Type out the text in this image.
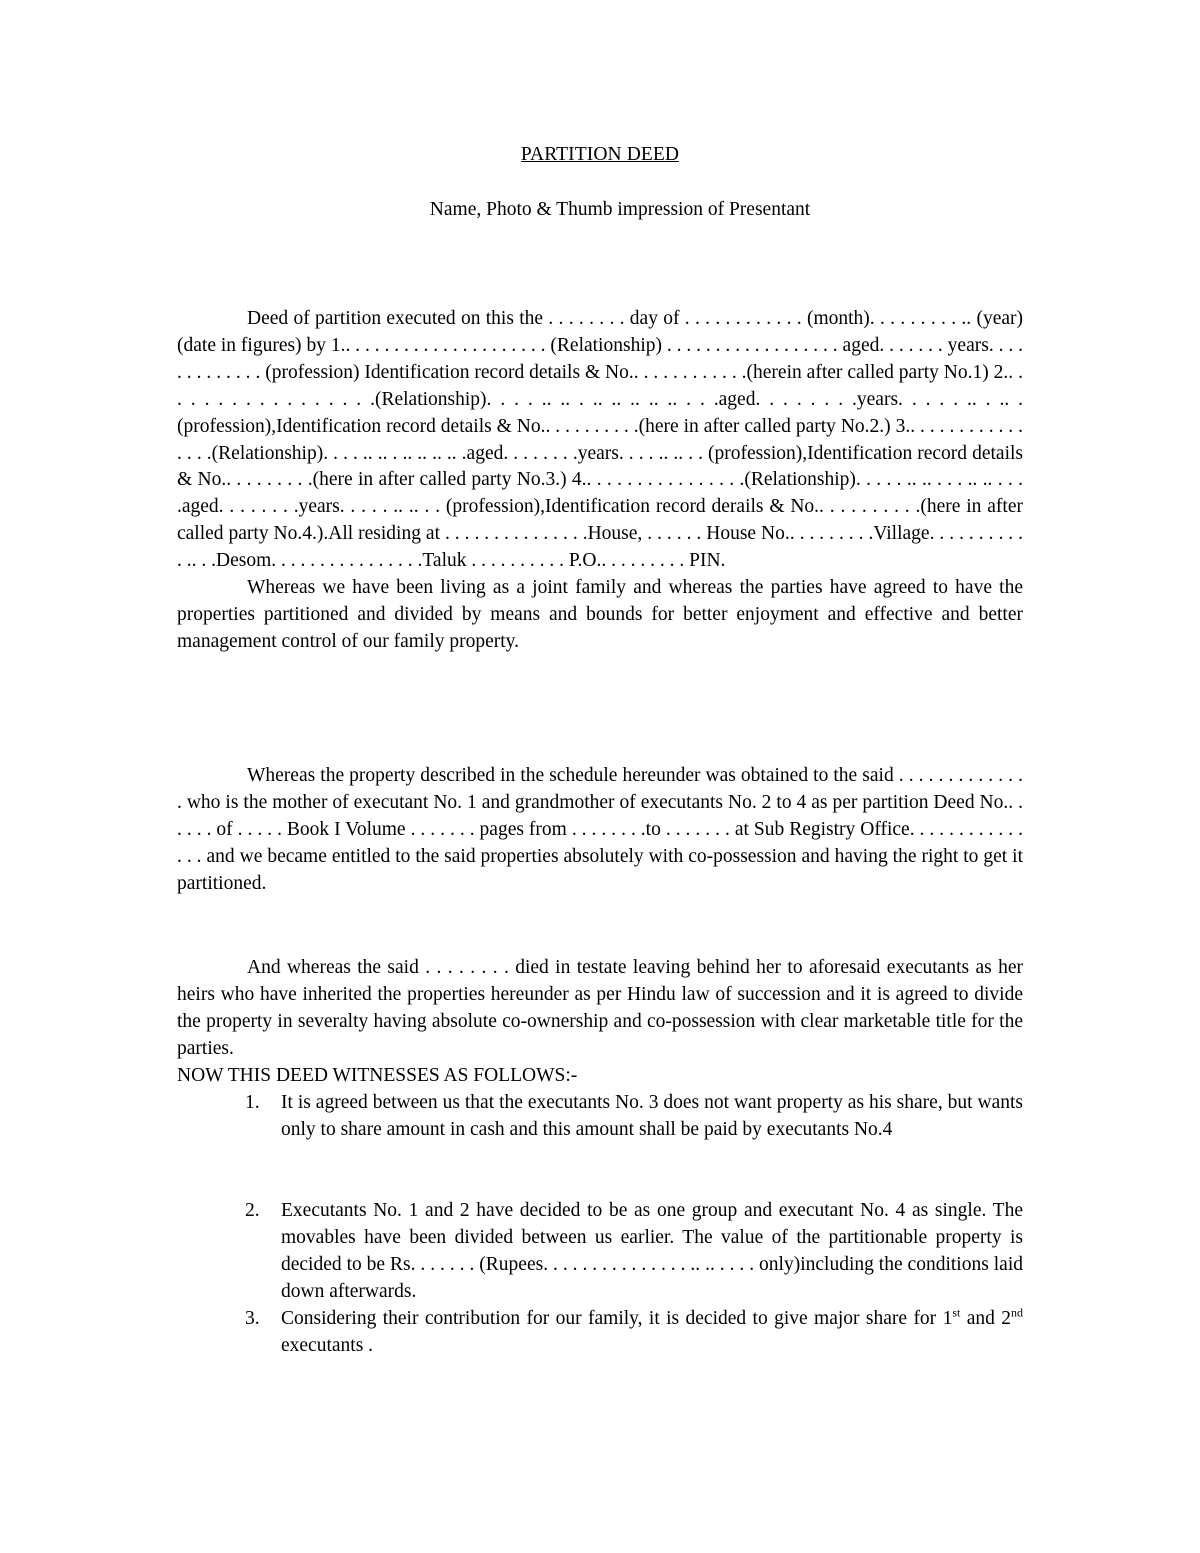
PARTITION DEED
Name, Photo & Thumb impression of Presentant

Deed of partition executed on this the . . . . . . . . day of . . . . . . . . . . . . (month). . . . . . . . . .. (year) (date in figures) by 1.. . . . . . . . . . . . . . . . . . . . . (Relationship) . . . . . . . . . . . . . . . . . . aged. . . . . . . years. . . . . . . . . . . . . (profession) Identification record details & No.. . . . . . . . . . . .(herein after called party No.1) 2.. . . . . . . . . . . . . . . . .(Relationship). . . . .. .. . .. .. .. .. .. . . .aged. . . . . . . .years. . . . . .. . .. . (profession),Identification record details & No.. . . . . . . . . .(here in after called party No.2.) 3.. . . . . . . . . . . . . . . .(Relationship). . . . .. .. . .. .. .. .. .aged. . . . . . . .years. . . . .. .. . . (profession),Identification record details & No.. . . . . . . . .(here in after called party No.3.) 4.. . . . . . . . . . . . . . . .(Relationship). . . . . .. .. . . . .. .. . . . .aged. . . . . . . .years. . . . . .. .. . . (profession),Identification record derails & No.. . . . . . . . . .(here in after called party No.4.).All residing at . . . . . . . . . . . . . . .House, . . . . . . House No.. . . . . . . . .Village. . . . . . . . . . . .. . .Desom. . . . . . . . . . . . . . . .Taluk . . . . . . . . . . P.O.. . . . . . . . . PIN.

Whereas we have been living as a joint family and whereas the parties have agreed to have the properties partitioned and divided by means and bounds for better enjoyment and effective and better management control of our family property.

Whereas the property described in the schedule hereunder was obtained to the said . . . . . . . . . . . . . . who is the mother of executant No. 1 and grandmother of executants No. 2 to 4 as per partition Deed No.. . . . . . of . . . . . Book I Volume . . . . . . . pages from . . . . . . . .to . . . . . . . at Sub Registry Office. . . . . . . . . . . . . . . and we became entitled to the said properties absolutely with co-possession and having the right to get it partitioned.

And whereas the said . . . . . . . . died in testate leaving behind her to aforesaid executants as her heirs who have inherited the properties hereunder as per Hindu law of succession and it is agreed to divide the property in severalty having absolute co-ownership and co-possession with clear marketable title for the parties.

NOW THIS DEED WITNESSES AS FOLLOWS:-

1.	It is agreed between us that the executants No. 3 does not want property as his share, but wants only to share amount in cash and this amount shall be paid by executants No.4
2.	Executants No. 1 and 2 have decided to be as one group and executant No. 4 as single. The movables have been divided between us earlier. The value of the partitionable property is decided to be Rs. . . . . . . (Rupees. . . . . . . . . . . . . . . .. .. . . . . only)including the conditions laid down afterwards.
3.	Considering their contribution for our family, it is decided to give major share for 1st and 2nd executants .
